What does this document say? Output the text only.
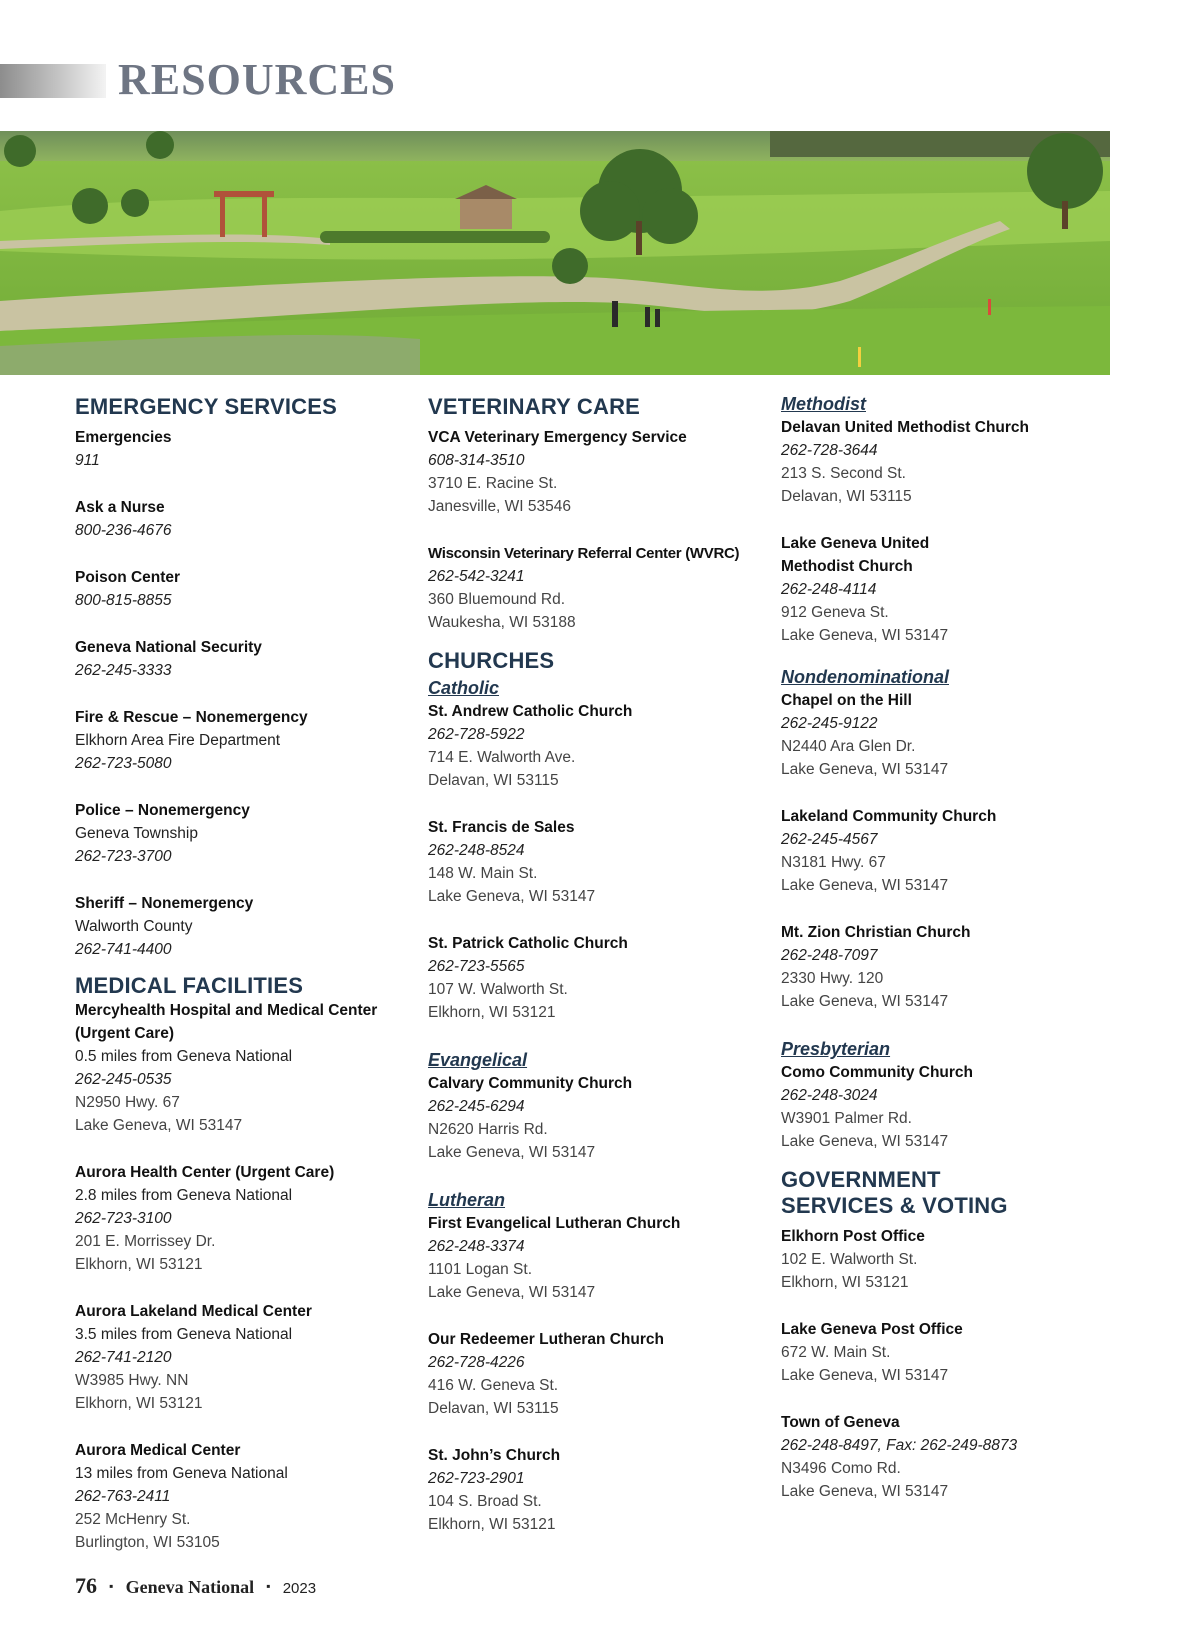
RESOURCES
EMERGENCY SERVICES
Emergencies
911
Ask a Nurse
800-236-4676
Poison Center
800-815-8855
Geneva National Security
262-245-3333
Fire & Rescue – Nonemergency
Elkhorn Area Fire Department
262-723-5080
Police – Nonemergency
Geneva Township
262-723-3700
Sheriff – Nonemergency
Walworth County
262-741-4400
MEDICAL FACILITIES
Mercyhealth Hospital and Medical Center
(Urgent Care)
0.5 miles from Geneva National
262-245-0535
N2950 Hwy. 67
Lake Geneva, WI 53147
Aurora Health Center (Urgent Care)
2.8 miles from Geneva National
262-723-3100
201 E. Morrissey Dr.
Elkhorn, WI 53121
Aurora Lakeland Medical Center
3.5 miles from Geneva National
262-741-2120
W3985 Hwy. NN
Elkhorn, WI 53121
Aurora Medical Center
13 miles from Geneva National
262-763-2411
252 McHenry St.
Burlington, WI 53105
VETERINARY CARE
VCA Veterinary Emergency Service
608-314-3510
3710 E. Racine St.
Janesville, WI 53546
Wisconsin Veterinary Referral Center (WVRC)
262-542-3241
360 Bluemound Rd.
Waukesha, WI 53188
CHURCHES
Catholic
St. Andrew Catholic Church
262-728-5922
714 E. Walworth Ave.
Delavan, WI 53115
St. Francis de Sales
262-248-8524
148 W. Main St.
Lake Geneva, WI 53147
St. Patrick Catholic Church
262-723-5565
107 W. Walworth St.
Elkhorn, WI 53121
Evangelical
Calvary Community Church
262-245-6294
N2620 Harris Rd.
Lake Geneva, WI 53147
Lutheran
First Evangelical Lutheran Church
262-248-3374
1101 Logan St.
Lake Geneva, WI 53147
Our Redeemer Lutheran Church
262-728-4226
416 W. Geneva St.
Delavan, WI 53115
St. John’s Church
262-723-2901
104 S. Broad St.
Elkhorn, WI 53121
Methodist
Delavan United Methodist Church
262-728-3644
213 S. Second St.
Delavan, WI 53115
Lake Geneva United
Methodist Church
262-248-4114
912 Geneva St.
Lake Geneva, WI 53147
Nondenominational
Chapel on the Hill
262-245-9122
N2440 Ara Glen Dr.
Lake Geneva, WI 53147
Lakeland Community Church
262-245-4567
N3181 Hwy. 67
Lake Geneva, WI 53147
Mt. Zion Christian Church
262-248-7097
2330 Hwy. 120
Lake Geneva, WI 53147
Presbyterian
Como Community Church
262-248-3024
W3901 Palmer Rd.
Lake Geneva, WI 53147
GOVERNMENT
SERVICES & VOTING
Elkhorn Post Office
102 E. Walworth St.
Elkhorn, WI 53121
Lake Geneva Post Office
672 W. Main St.
Lake Geneva, WI 53147
Town of Geneva
262-248-8497, Fax: 262-249-8873
N3496 Como Rd.
Lake Geneva, WI 53147
76 ▪ Geneva National ▪ 2023
